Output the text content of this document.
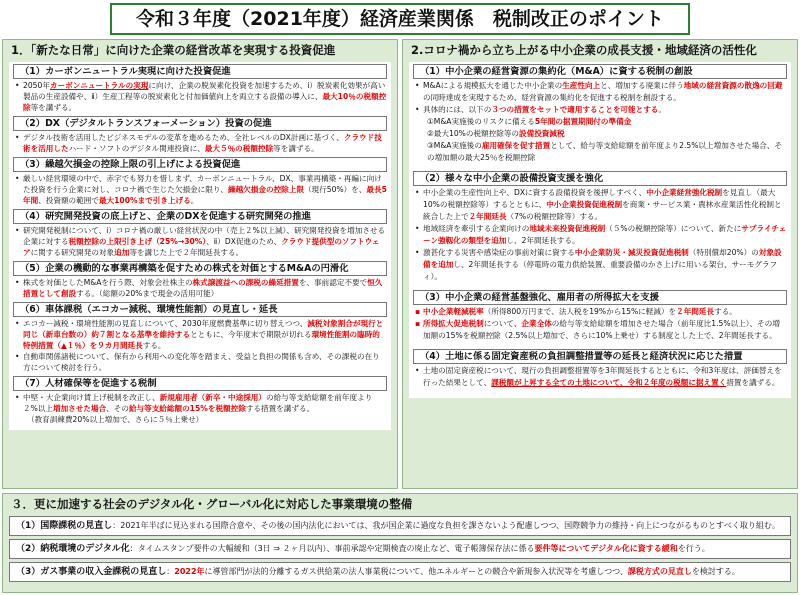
令和３年度（2021年度）経済産業関係　税制改正のポイント
1．「新たな日常」に向けた企業の経営改革を実現する投資促進
（1）カーボンニュートラル実現に向けた投資促進
• 2050年カーボンニュートラルの実現に向け、企業の脱炭素化投資を加速するため、ⅰ）脱炭素化効果が高い製品の生産設備や、ⅱ）生産工程等の脱炭素化と付加価値向上を両立する設備の導入に、最大10％の税額控除等を講ずる。
（2）DX（デジタルトランスフォーメーション）投資の促進
• デジタル技術を活用したビジネスモデルの変革を進めるため、全社レベルのDX計画に基づく、クラウド技術を活用したハード・ソフトのデジタル関連投資に、最大５％の税額控除等を講ずる。
（3）繰越欠損金の控除上限の引上げによる投資促進
• 厳しい経営環境の中で、赤字でも努力を惜しまず、カーボンニュートラル、DX、事業再構築・再編に向けた投資を行う企業に対し、コロナ禍で生じた欠損金に限り、繰越欠損金の控除上限（現行50%）を、最長5年間、投資額の範囲で最大100%まで引き上げる。
（4）研究開発投資の底上げと、企業のDXを促進する研究開発の推進
• 研究開発税制について、ⅰ）コロナ禍の厳しい経営状況の中（売上２%以上減）、研究開発投資を増加させる企業に対する税額控除の上限引き上げ（25%→30%）、ⅱ）DX促進のため、クラウド提供型のソフトウェアに関する研究開発の対象追加等を講じた上で２年間延長する。
（5）企業の機動的な事業再構築を促すための株式を対価とするM&Aの円滑化
• 株式を対価としたM&Aを行う際、対象会社株主の株式譲渡益への課税の繰延措置を、事前認定不要で恒久措置として創設する。（総額の20%まで現金の活用可能）
（6）車体課税（エコカー減税、環境性能割）の見直し・延長
• エコカー減税・環境性能割の見直しについて、2030年度燃費基準に切り替えつつ、減税対象割合が現行と同じ（新車台数の）約７割となる基準を維持するとともに、今年度末で期限が切れる環境性能割の臨時的特例措置（▲１％）を９カ月間延長する。
• 自動車関係諸税について、保有から利用への変化等を踏まえ、受益と負担の関係も含め、その課税の在り方について検討を行う。
（7）人材確保等を促進する税制
• 中堅・大企業向け賃上げ税制を改正し、新規雇用者（新卒・中途採用）の給与等支給総額を前年度より２%以上増加させた場合、その給与等支給総額の15%を税額控除する措置を講ずる。
（教育訓練費20%以上増加で、さらに５％上乗せ）
2.コロナ禍から立ち上がる中小企業の成長支援・地域経済の活性化
（1）中小企業の経営資源の集約化（M&A）に資する税制の創設
• M&Aによる規模拡大を通じた中小企業の生産性向上と、増加する廃業に伴う地域の経営資源の散逸の回避の同時達成を実現するため、経営資源の集約化を促進する税制を創設する。
• 具体的には、以下の３つの措置をセットで適用することを可能とする。
①M&A実施後のリスクに備える5年間の据置期間付の準備金
②最大10%の税額控除等の設備投資減税
③M&A実施後の雇用確保を促す措置として、給与等支給総額を前年度より2.5%以上増加させた場合、その増加額の最大25％を税額控除
（2）様々な中小企業の設備投資支援を強化
• 中小企業の生産性向上や、DXに資する設備投資を後押しすべく、中小企業経営強化税制を見直し（最大10%の税額控除等）するとともに、中小企業投資促進税制を商業・サービス業・農林水産業活性化税制と統合した上で２年間延長（7%の税額控除等）する。
• 地域経済を牽引する企業向けの地域未来投資促進税制（５%の税額控除等）について、新たにサプライチェーン強靱化の類型を追加し、2年間延長する。
• 激甚化する災害や感染症の事前対策に資する中小企業防災・減災投資促進税制（特別償却20%）の対象設備を追加し、2年間延長する（停電時の電力供給装置、重要設備のかさ上げに用いる架台、サーモグラフィ）。
（3）中小企業の経営基盤強化、雇用者の所得拡大を支援
▪ 中小企業軽減税率（所得800万円まで、法人税を19%から15%に軽減）を２年間延長する。
▪ 所得拡大促進税制について、企業全体の給与等支給総額を増加させた場合（前年度比1.5%以上）、その増加額の15%を税額控除（2.5%以上増加で、さらに10%上乗せ）する制度とした上で、2年間延長する。
（4）土地に係る固定資産税の負担調整措置等の延長と経済状況に応じた措置
• 土地の固定資産税について、現行の負担調整措置等を3年間延長するとともに、令和3年度は、評価替えを行った結果として、課税額が上昇する全ての土地について、令和２年度の税額に据え置く措置を講ずる。
３．更に加速する社会のデジタル化・グローバル化に対応した事業環境の整備
（1）国際課税の見直し：2021年半ばに見込まれる国際合意や、その後の国内法化においては、我が国企業に過度な負担を課さないよう配慮しつつ、国際競争力の維持・向上につながるものとすべく取り組む。
（2）納税環境のデジタル化：タイムスタンプ要件の大幅緩和（3日 ⇒ ２ヶ月以内）、事前承認や定期検査の廃止など、電子帳簿保存法に係る要件等についてデジタル化に資する緩和を行う。
（3）ガス事業の収入金課税の見直し：2022年に導管部門が法的分離するガス供給業の法人事業税について、他エネルギーとの競合や新規参入状況等を考慮しつつ、課税方式の見直しを検討する。
